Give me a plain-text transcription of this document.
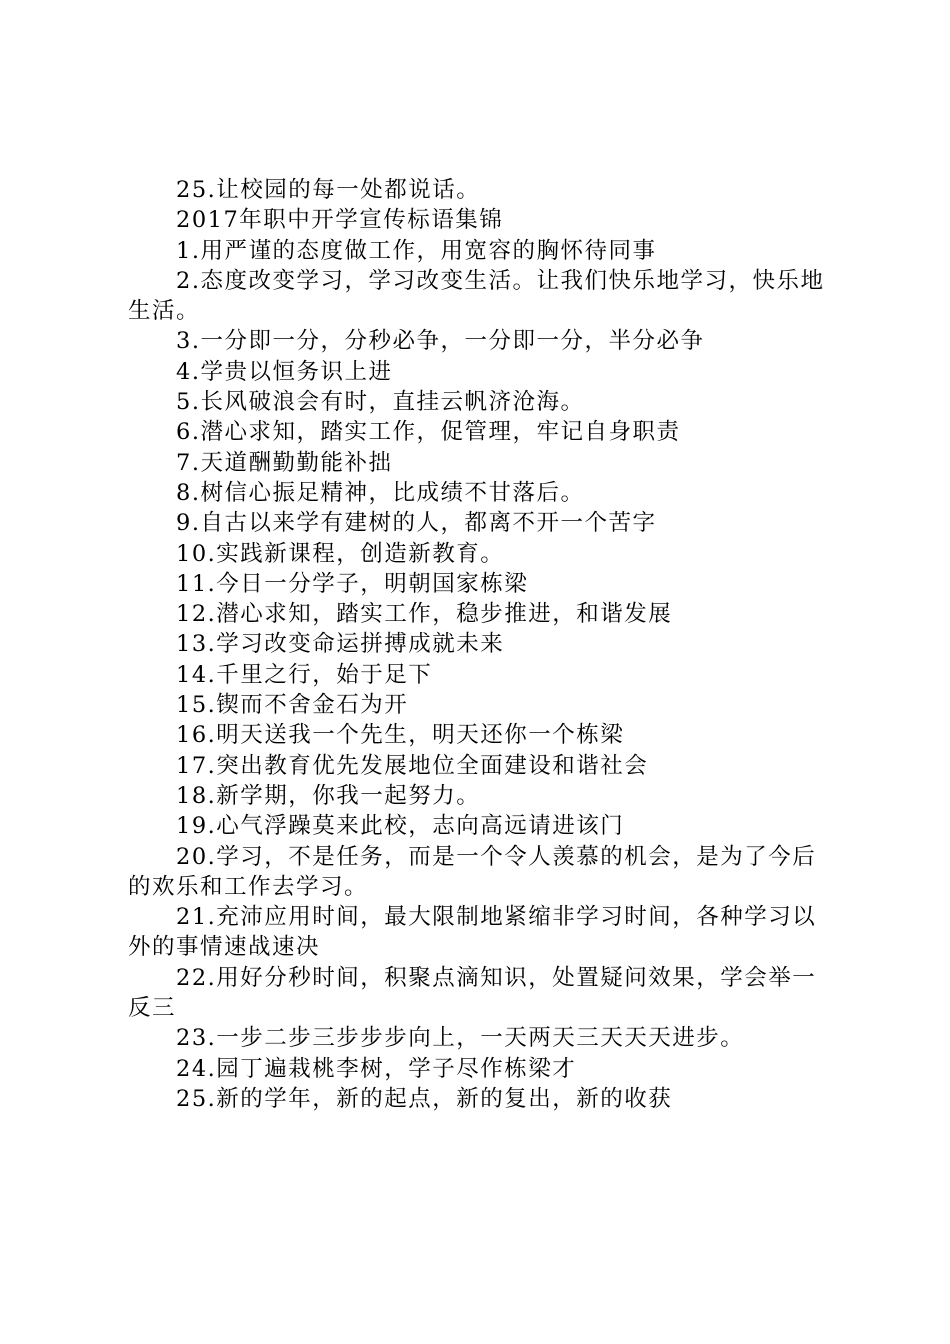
25.让校园的每一处都说话。

2017年职中开学宣传标语集锦

1.用严谨的态度做工作，用宽容的胸怀待同事

2.态度改变学习，学习改变生活。让我们快乐地学习，快乐地生活。

3.一分即一分，分秒必争，一分即一分，半分必争

4.学贵以恒务识上进

5.长风破浪会有时，直挂云帆济沧海。

6.潜心求知，踏实工作，促管理，牢记自身职责

7.天道酬勤勤能补拙

8.树信心振足精神，比成绩不甘落后。

9.自古以来学有建树的人，都离不开一个苦字

10.实践新课程，创造新教育。

11.今日一分学子，明朝国家栋梁

12.潜心求知，踏实工作，稳步推进，和谐发展

13.学习改变命运拼搏成就未来

14.千里之行，始于足下

15.锲而不舍金石为开

16.明天送我一个先生，明天还你一个栋梁

17.突出教育优先发展地位全面建设和谐社会

18.新学期，你我一起努力。

19.心气浮躁莫来此校，志向高远请进该门

20.学习，不是任务，而是一个令人羡慕的机会，是为了今后的欢乐和工作去学习。

21.充沛应用时间，最大限制地紧缩非学习时间，各种学习以外的事情速战速决

22.用好分秒时间，积聚点滴知识，处置疑问效果，学会举一反三

23.一步二步三步步步向上，一天两天三天天天进步。

24.园丁遍栽桃李树，学子尽作栋梁才

25.新的学年，新的起点，新的复出，新的收获
